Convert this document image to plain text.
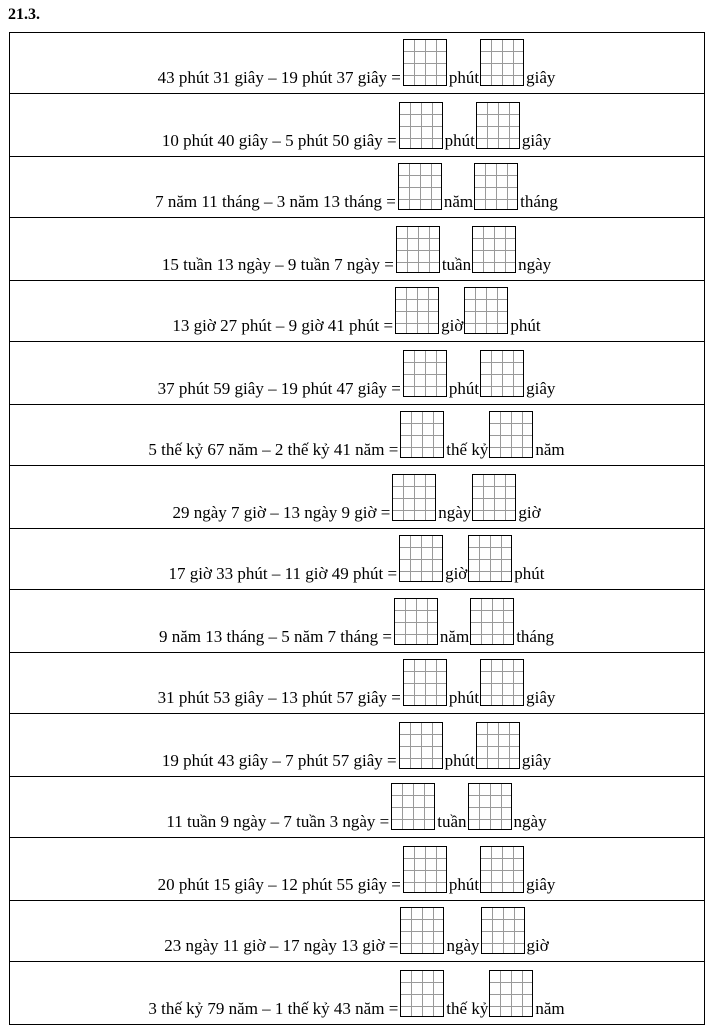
21.3.
43 phút 31 giây – 19 phút 37 giây =	phút	giây
10 phút 40 giây – 5 phút 50 giây =	phút	giây
7 năm 11 tháng – 3 năm 13 tháng =	năm	tháng
15 tuần 13 ngày – 9 tuần 7 ngày =	tuần	ngày
13 giờ 27 phút – 9 giờ 41 phút =	giờ	phút
37 phút 59 giây – 19 phút 47 giây =	phút	giây
5 thế kỷ 67 năm – 2 thế kỷ 41 năm =	thế kỷ	năm
29 ngày 7 giờ – 13 ngày 9 giờ =	ngày	giờ
17 giờ 33 phút – 11 giờ 49 phút =	giờ	phút
9 năm 13 tháng – 5 năm 7 tháng =	năm	tháng
31 phút 53 giây – 13 phút 57 giây =	phút	giây
19 phút 43 giây – 7 phút 57 giây =	phút	giây
11 tuần 9 ngày – 7 tuần 3 ngày =	tuần	ngày
20 phút 15 giây – 12 phút 55 giây =	phút	giây
23 ngày 11 giờ – 17 ngày 13 giờ =	ngày	giờ
3 thế kỷ 79 năm – 1 thế kỷ 43 năm =	thế kỷ	năm
